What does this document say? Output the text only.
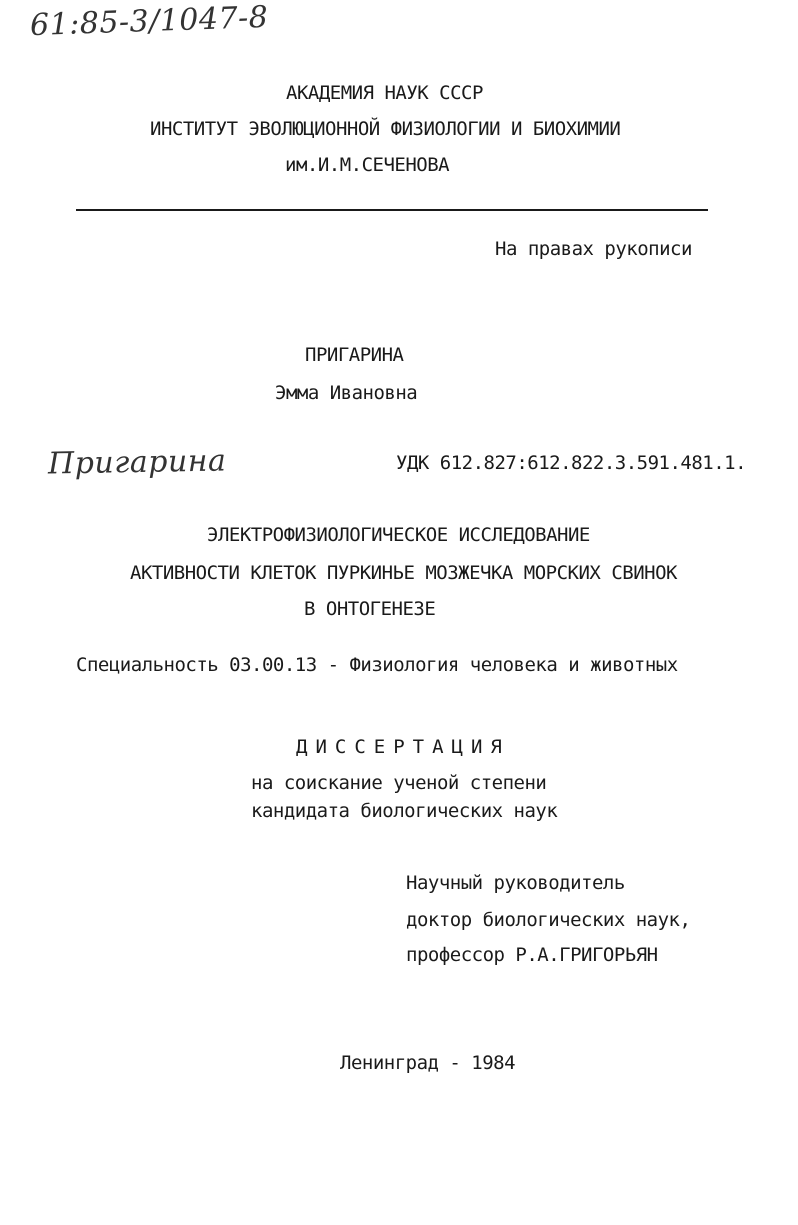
61:85-3/1047-8
АКАДЕМИЯ НАУК СССР
ИНСТИТУТ ЭВОЛЮЦИОННОЙ ФИЗИОЛОГИИ И БИОХИМИИ
им.И.М.СЕЧЕНОВА
На правах рукописи
ПРИГАРИНА
Эмма Ивановна
Пригарина	УДК 612.827:612.822.3.591.481.1.
ЭЛЕКТРОФИЗИОЛОГИЧЕСКОЕ ИССЛЕДОВАНИЕ
АКТИВНОСТИ КЛЕТОК ПУРКИНЬЕ МОЗЖЕЧКА МОРСКИХ СВИНОК
В ОНТОГЕНЕЗЕ
Специальность 03.00.13 - Физиология человека и животных
ДИССЕРТАЦИЯ
на соискание ученой степени
кандидата биологических наук
Научный руководитель
доктор биологических наук,
профессор Р.А.ГРИГОРЬЯН
Ленинград - 1984
